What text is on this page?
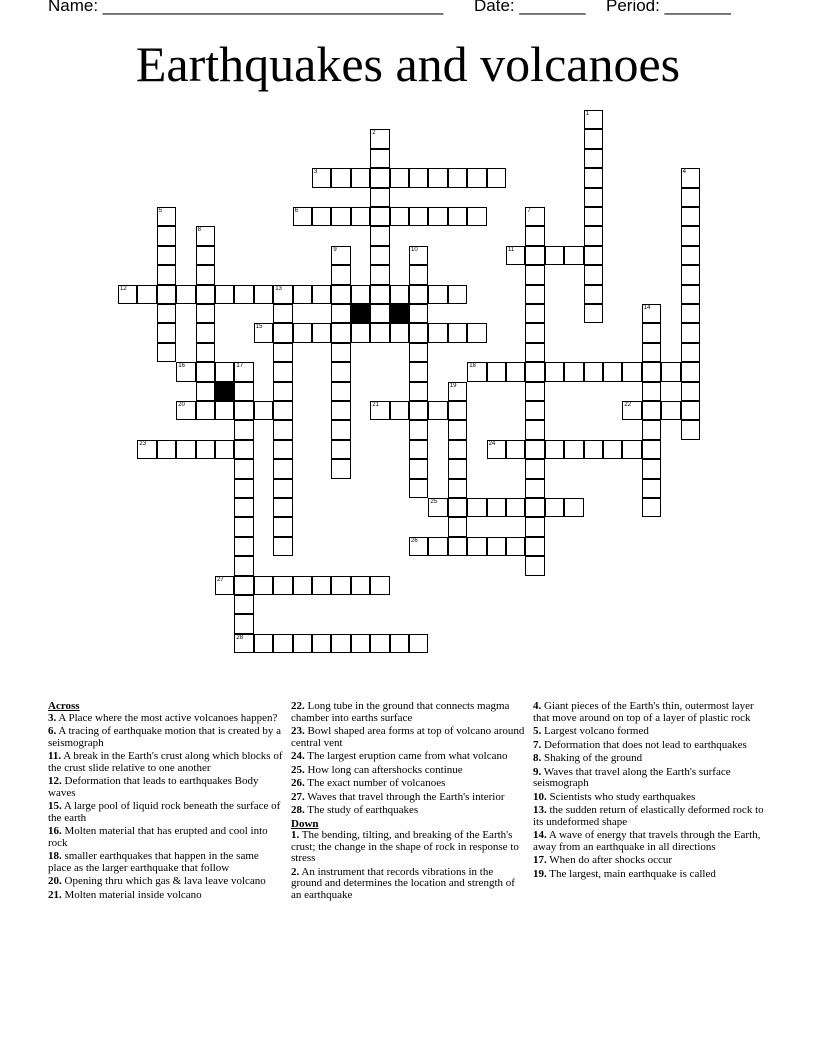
Name: ____________________________________ Date: _______ Period: _______
Earthquakes and volcanoes
1
2
3	4
5	6	7
8
9	10	11
12	13
14
15
16	17	18
19
20	21	22
23	24
25
26
27
28

Across

3. A Place where the most active volcanoes happen?

6. A tracing of earthquake motion that is created by a seismograph

11. A break in the Earth's crust along which blocks of the crust slide relative to one another

12. Deformation that leads to earthquakes Body waves

15. A large pool of liquid rock beneath the surface of the earth

16. Molten material that has erupted and cool into rock

18. smaller earthquakes that happen in the same place as the larger earthquake that follow

20. Opening thru which gas & lava leave volcano

21. Molten material inside volcano

22. Long tube in the ground that connects magma chamber into earths surface

23. Bowl shaped area forms at top of volcano around central vent

24. The largest eruption came from what volcano

25. How long can aftershocks continue

26. The exact number of volcanoes

27. Waves that travel through the Earth's interior

28. The study of earthquakes

Down

1. The bending, tilting, and breaking of the Earth's crust; the change in the shape of rock in response to stress

2. An instrument that records vibrations in the ground and determines the location and strength of an earthquake

4. Giant pieces of the Earth's thin, outermost layer that move around on top of a layer of plastic rock

5. Largest volcano formed

7. Deformation that does not lead to earthquakes

8. Shaking of the ground

9. Waves that travel along the Earth's surface seismograph

10. Scientists who study earthquakes

13. the sudden return of elastically deformed rock to its undeformed shape

14. A wave of energy that travels through the Earth, away from an earthquake in all directions

17. When do after shocks occur

19. The largest, main earthquake is called
